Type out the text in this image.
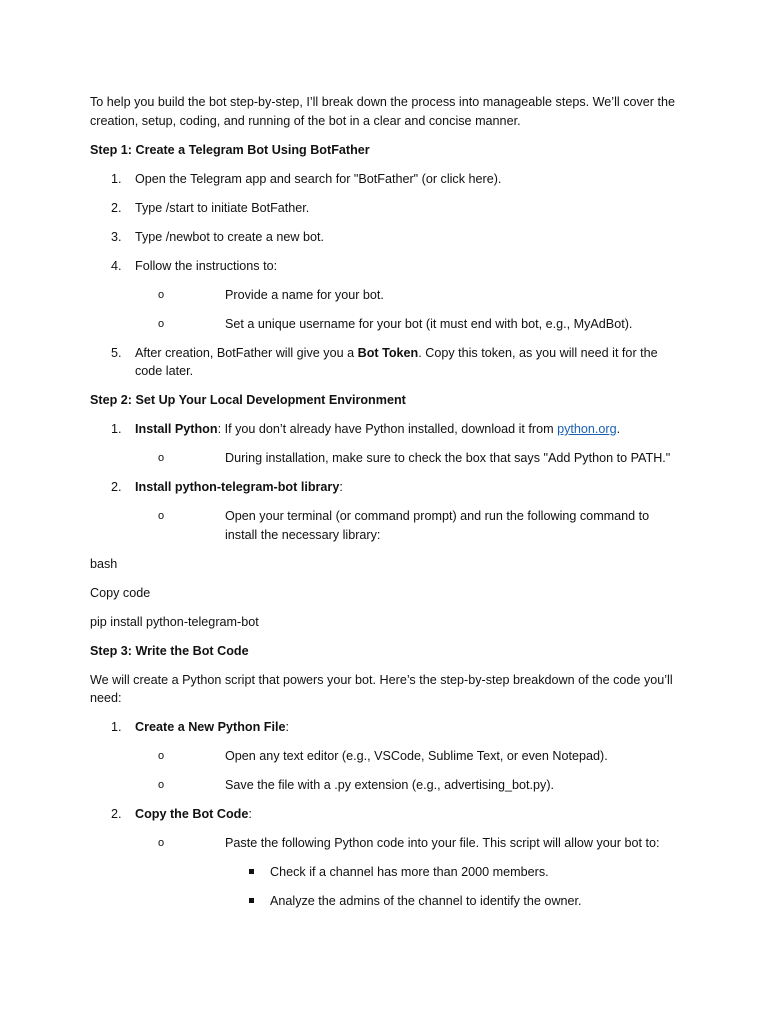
To help you build the bot step-by-step, I’ll break down the process into manageable steps. We’ll cover the creation, setup, coding, and running of the bot in a clear and concise manner.

Step 1: Create a Telegram Bot Using BotFather

1. Open the Telegram app and search for "BotFather" (or click here).
2. Type /start to initiate BotFather.
3. Type /newbot to create a new bot.
4. Follow the instructions to:
o	Provide a name for your bot.
o	Set a unique username for your bot (it must end with bot, e.g., MyAdBot).
5. After creation, BotFather will give you a Bot Token. Copy this token, as you will need it for the code later.

Step 2: Set Up Your Local Development Environment

1. Install Python: If you don’t already have Python installed, download it from python.org.
o	During installation, make sure to check the box that says "Add Python to PATH."
2. Install python-telegram-bot library:
o	Open your terminal (or command prompt) and run the following command to install the necessary library:

bash

Copy code

pip install python-telegram-bot

Step 3: Write the Bot Code

We will create a Python script that powers your bot. Here’s the step-by-step breakdown of the code you’ll need:

1. Create a New Python File:
o	Open any text editor (e.g., VSCode, Sublime Text, or even Notepad).
o	Save the file with a .py extension (e.g., advertising_bot.py).
2. Copy the Bot Code:
o	Paste the following Python code into your file. This script will allow your bot to:
Check if a channel has more than 2000 members.
Analyze the admins of the channel to identify the owner.
